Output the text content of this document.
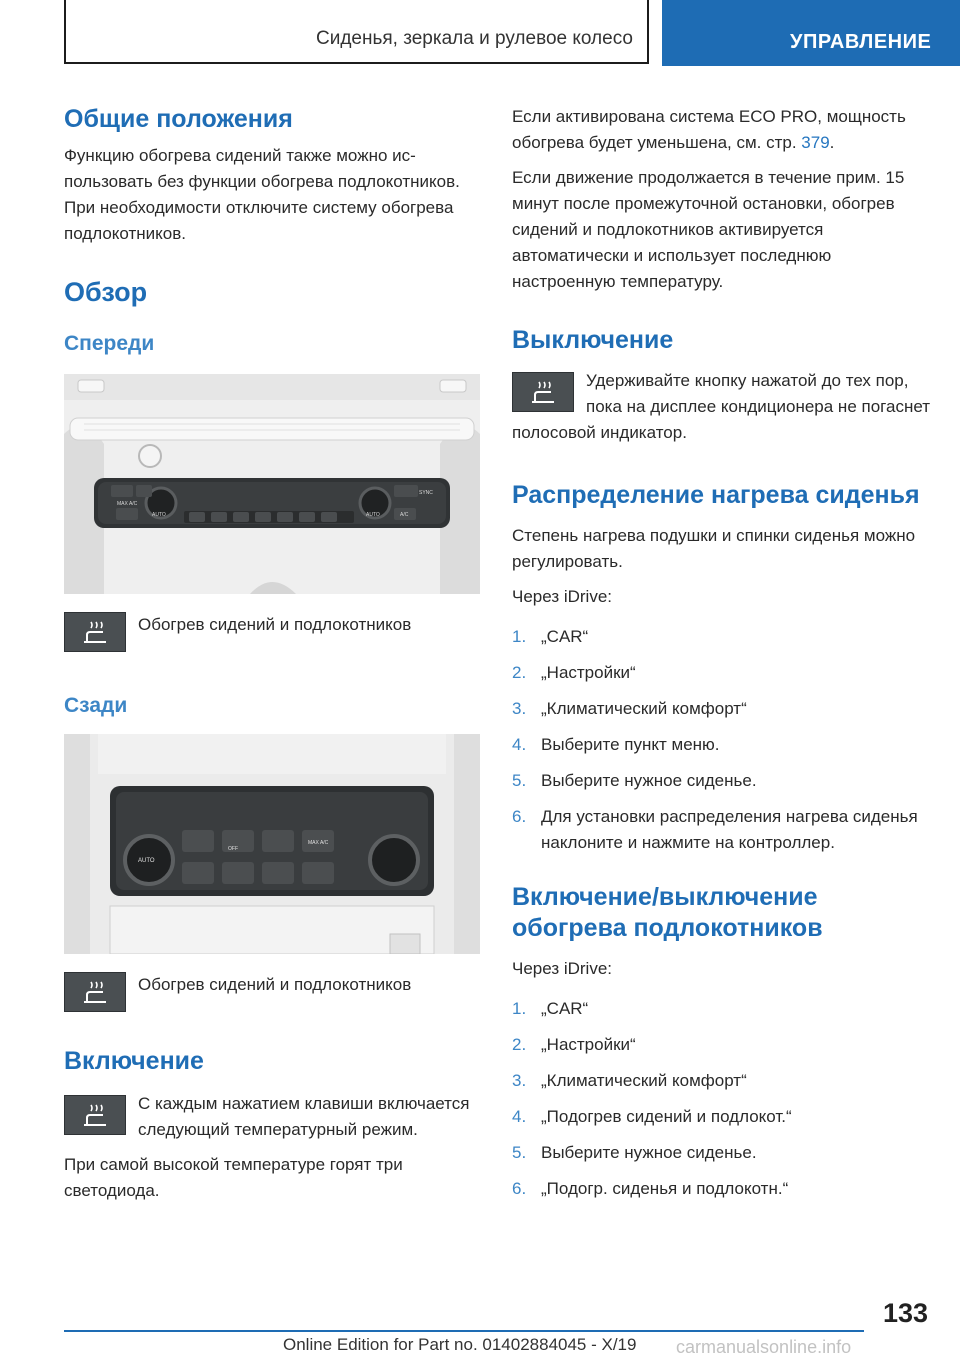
Сиденья, зеркала и рулевое колесо	УПРАВЛЕНИЕ
Общие положения

Функцию обогрева сидений также можно использовать без функции обогрева подлокотников. При необходимости отключите систему обогрева подлокотников.

Обзор
Спереди
MAX A/C
AUTO	AUTO	A/C
SYNC

Обогрев сидений и подлокотников

Сзади
AUTO
OFF
MAX A/C

Обогрев сидений и подлокотников

Включение

С каждым нажатием клавиши включается следующий температурный режим.

При самой высокой температуре горят три светодиода.

Если активирована система ECO PRO, мощность обогрева будет уменьшена, см. стр. 379.

Если движение продолжается в течение прим. 15 минут после промежуточной остановки, обогрев сидений и подлокотников активируется автоматически и использует последнюю настроенную температуру.

Выключение

Удерживайте кнопку нажатой до тех пор, пока на дисплее кондиционера не погаснет полосовой индикатор.

Распределение нагрева сиденья

Степень нагрева подушки и спинки сиденья можно регулировать.

Через iDrive:

1. „CAR“
2. „Настройки“
3. „Климатический комфорт“
4. Выберите пункт меню.
5. Выберите нужное сиденье.
6. Для установки распределения нагрева сиденья наклоните и нажмите на контроллер.
Включение/выключение обогрева подлокотников

Через iDrive:

1. „CAR“
2. „Настройки“
3. „Климатический комфорт“
4. „Подогрев сидений и подлокот.“
5. Выберите нужное сиденье.
6. „Подогр. сиденья и подлокотн.“
133
Online Edition for Part no. 01402884045 - X/19 carmanualsonline.info
